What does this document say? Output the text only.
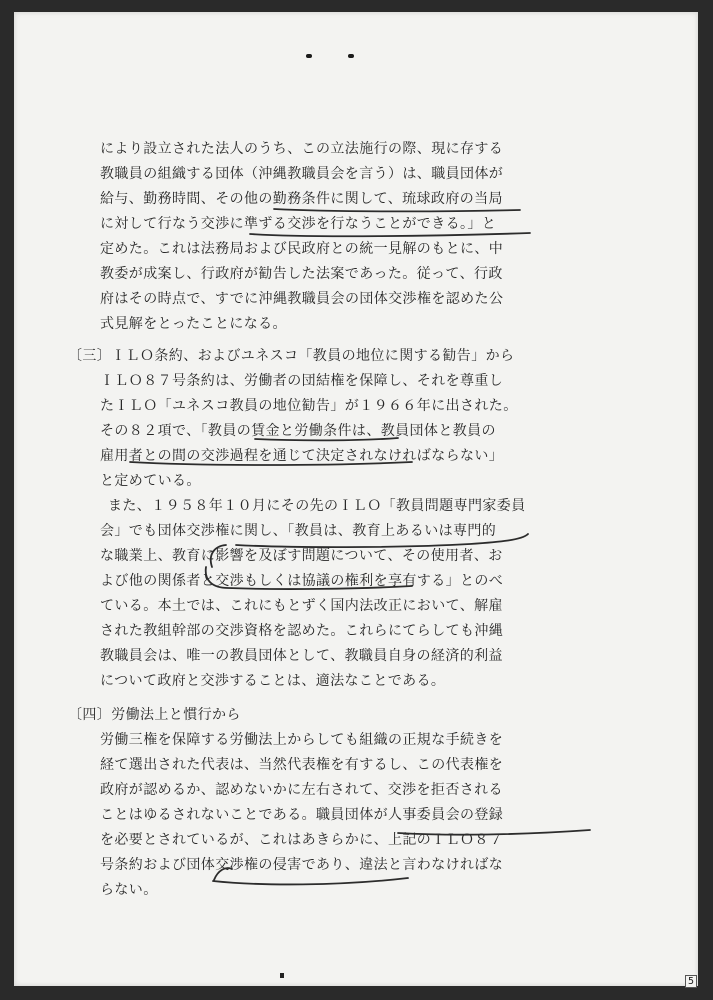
により設立された法人のうち、この立法施行の際、現に存する
教職員の組織する団体（沖縄教職員会を言う）は、職員団体が
給与、勤務時間、その他の勤務条件に関して、琉球政府の当局
に対して行なう交渉に準ずる交渉を行なうことができる。」と
定めた。これは法務局および民政府との統一見解のもとに、中
教委が成案し、行政府が勧告した法案であった。従って、行政
府はその時点で、すでに沖縄教職員会の団体交渉権を認めた公
式見解をとったことになる。
〔三〕ＩＬＯ条約、およびユネスコ「教員の地位に関する勧告」から
ＩＬＯ８７号条約は、労働者の団結権を保障し、それを尊重し
たＩＬＯ「ユネスコ教員の地位勧告」が１９６６年に出された。
その８２項で、「教員の賃金と労働条件は、教員団体と教員の
雇用者との間の交渉過程を通じて決定されなければならない」
と定めている。
また、１９５８年１０月にその先のＩＬＯ「教員問題専門家委員
会」でも団体交渉権に関し、「教員は、教育上あるいは専門的
な職業上、教育に影響を及ぼす問題について、その使用者、お
よび他の関係者と交渉もしくは協議の権利を享有する」とのべ
ている。本土では、これにもとずく国内法改正において、解雇
された教組幹部の交渉資格を認めた。これらにてらしても沖縄
教職員会は、唯一の教員団体として、教職員自身の経済的利益
について政府と交渉することは、適法なことである。
〔四〕労働法上と慣行から
労働三権を保障する労働法上からしても組織の正規な手続きを
経て選出された代表は、当然代表権を有するし、この代表権を
政府が認めるか、認めないかに左右されて、交渉を拒否される
ことはゆるされないことである。職員団体が人事委員会の登録
を必要とされているが、これはあきらかに、上記のＩＬＯ８７
号条約および団体交渉権の侵害であり、違法と言わなければな
らない。
5
